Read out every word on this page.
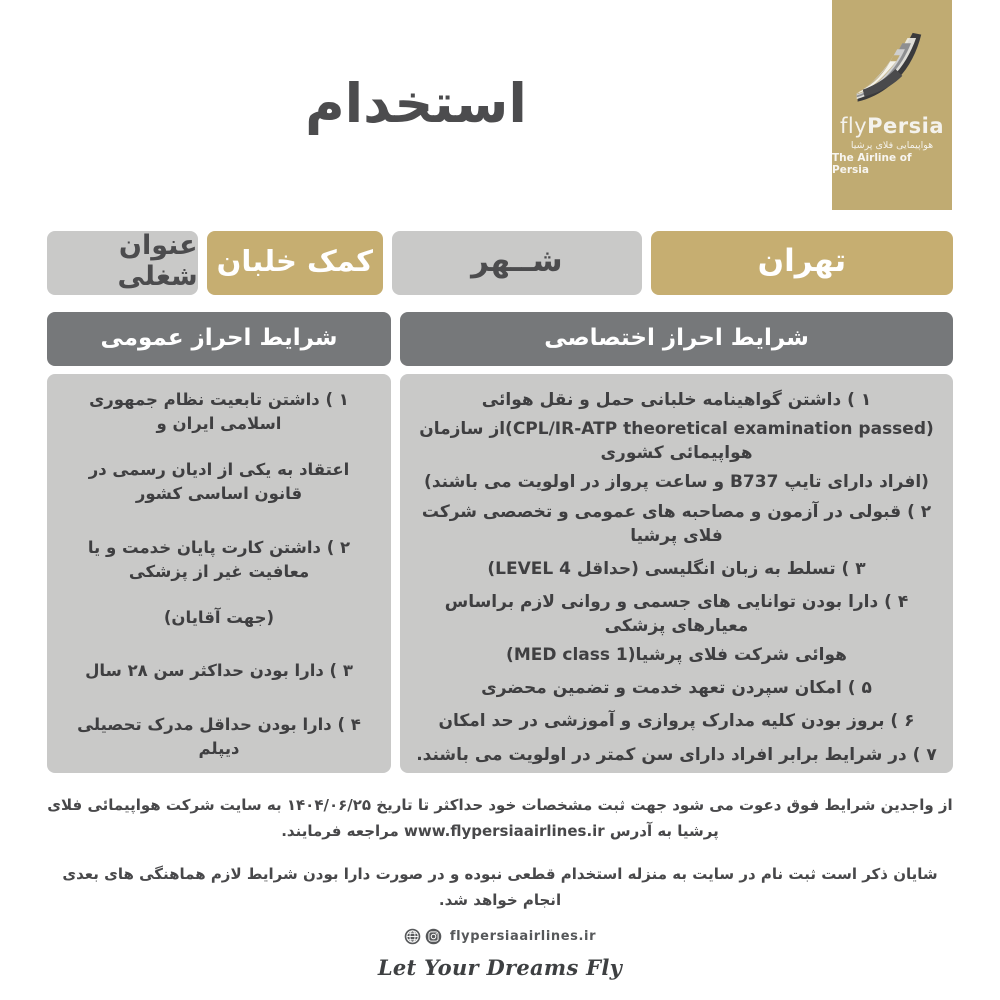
flyPersia
هواپیمایی فلای پرشیا
The Airline of Persia
استخدام
عنوان شغلی کمک خلبان	شــهر	تهران
شرایط احراز عمومی	شرایط احراز اختصاصی
۱ ) داشتن تابعیت نظام جمهوری اسلامی ایران و
اعتقاد به یکی از ادیان رسمی در قانون اساسی کشور
۲ ) داشتن کارت پایان خدمت و یا معافیت غیر از پزشکی
(جهت آقایان)
۳ ) دارا بودن حداکثر سن ۲۸ سال
۴ ) دارا بودن حداقل مدرک تحصیلی دیپلم
۱ ) داشتن گواهینامه خلبانی حمل و نقل هوائی
(CPL/IR-ATP theoretical examination passed)از سازمان هواپیمائی کشوری
(افراد دارای تایپ B737 و ساعت پرواز در اولویت می باشند)
۲ ) قبولی در آزمون و مصاحبه های عمومی و تخصصی شرکت فلای پرشیا
۳ ) تسلط به زبان انگلیسی (حداقل LEVEL 4)
۴ ) دارا بودن توانایی های جسمی و روانی لازم براساس معیارهای پزشکی
هوائی شرکت فلای پرشیا(MED class 1)
۵ ) امکان سپردن تعهد خدمت و تضمین محضری
۶ ) بروز بودن کلیه مدارک پروازی و آموزشی در حد امکان
۷ ) در شرایط برابر افراد دارای سن کمتر در اولویت می باشند.
از واجدین شرایط فوق دعوت می شود جهت ثبت مشخصات خود حداکثر تا تاریخ ۱۴۰۴/۰۶/۲۵ به سایت شرکت هواپیمائی فلای پرشیا به آدرس www.flypersiaairlines.ir مراجعه فرمایند.
شایان ذکر است ثبت نام در سایت به منزله استخدام قطعی نبوده و در صورت دارا بودن شرایط لازم هماهنگی های بعدی انجام خواهد شد.
flypersiaairlines.ir
Let Your Dreams Fly
